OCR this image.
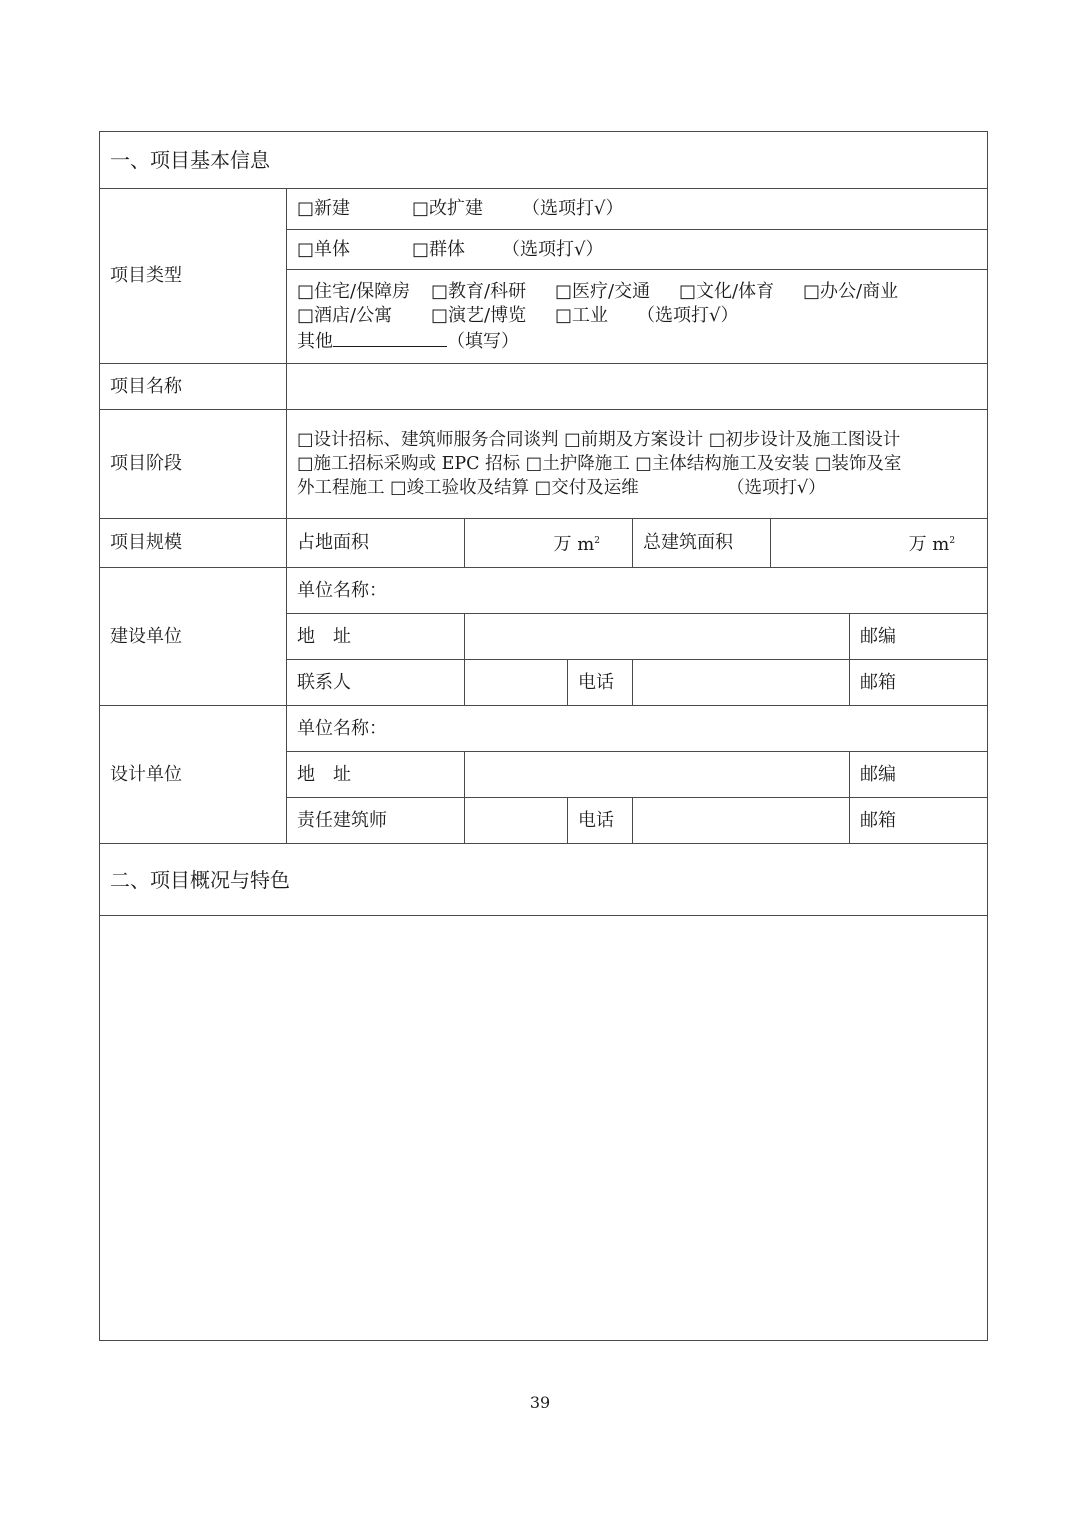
一、项目基本信息							
项目类型	□新建 □改扩建 （选项打√）						
	□单体 □群体 （选项打√）						

	□住宅/保障房 □教育/科研 □医疗/交通 □文化/体育 □办公/商业
□酒店/公寓 □演艺/博览 □工业 （选项打√）
其他 （填写）						

项目名称							
项目阶段	□设计招标、建筑师服务合同谈判 □前期及方案设计 □初步设计及施工图设计
□施工招标采购或 EPC 招标 □土护降施工 □主体结构施工及安装 □装饰及室
外工程施工 □竣工验收及结算 □交付及运维 （选项打√）						

项目规模	占地面积	万 $m^2$		总建筑面积	万 $m^2$
建设单位	单位名称：						
	地　址					邮编	
	联系人		电话			邮箱	
设计单位	单位名称：						
	地　址					邮编	
	责任建筑师		电话			邮箱	
二、项目概况与特色							

39
